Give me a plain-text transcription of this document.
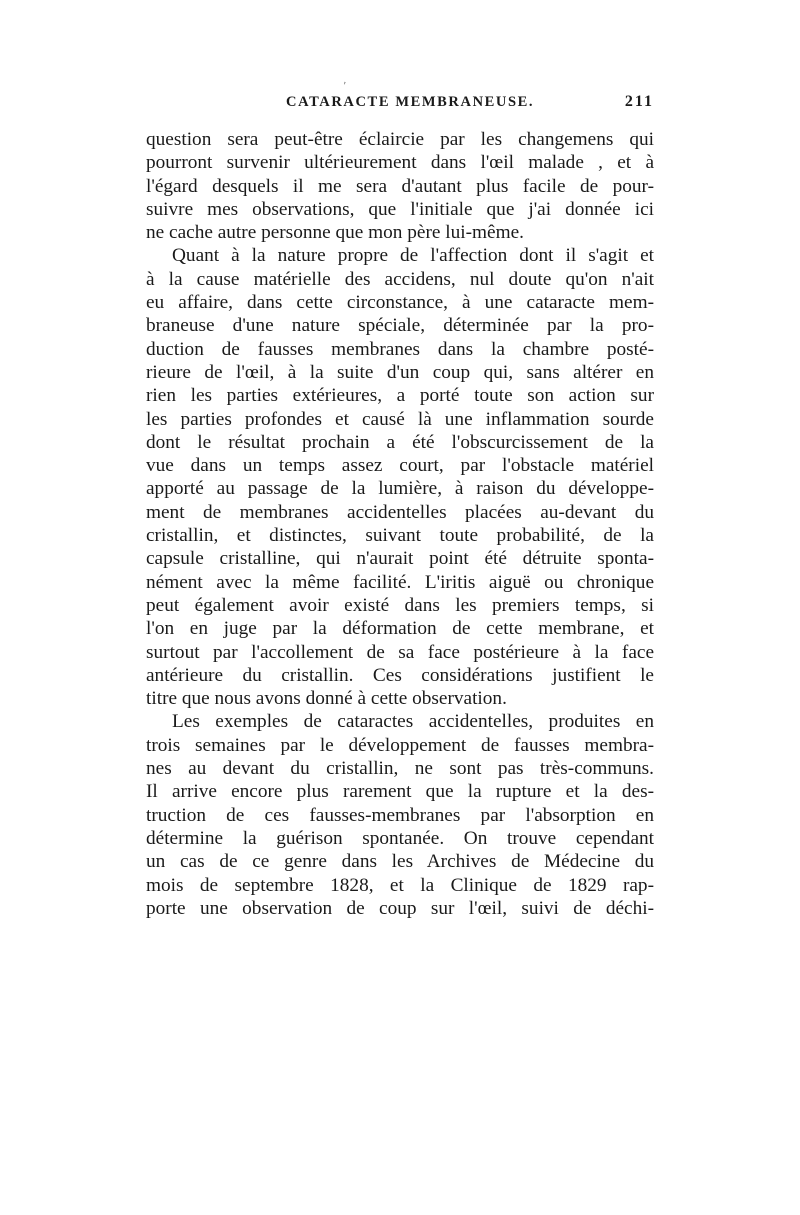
'
CATARACTE MEMBRANEUSE.	211
question sera peut-être éclaircie par les changemens qui
pourront survenir ultérieurement dans l'œil malade , et à
l'égard desquels il me sera d'autant plus facile de pour-
suivre mes observations, que l'initiale que j'ai donnée ici
ne cache autre personne que mon père lui-même.
Quant à la nature propre de l'affection dont il s'agit et
à la cause matérielle des accidens, nul doute qu'on n'ait
eu affaire, dans cette circonstance, à une cataracte mem-
braneuse d'une nature spéciale, déterminée par la pro-
duction de fausses membranes dans la chambre posté-
rieure de l'œil, à la suite d'un coup qui, sans altérer en
rien les parties extérieures, a porté toute son action sur
les parties profondes et causé là une inflammation sourde
dont le résultat prochain a été l'obscurcissement de la
vue dans un temps assez court, par l'obstacle matériel
apporté au passage de la lumière, à raison du développe-
ment de membranes accidentelles placées au-devant du
cristallin, et distinctes, suivant toute probabilité, de la
capsule cristalline, qui n'aurait point été détruite sponta-
nément avec la même facilité. L'iritis aiguë ou chronique
peut également avoir existé dans les premiers temps, si
l'on en juge par la déformation de cette membrane, et
surtout par l'accollement de sa face postérieure à la face
antérieure du cristallin. Ces considérations justifient le
titre que nous avons donné à cette observation.
Les exemples de cataractes accidentelles, produites en
trois semaines par le développement de fausses membra-
nes au devant du cristallin, ne sont pas très-communs.
Il arrive encore plus rarement que la rupture et la des-
truction de ces fausses-membranes par l'absorption en
détermine la guérison spontanée. On trouve cependant
un cas de ce genre dans les Archives de Médecine du
mois de septembre 1828, et la Clinique de 1829 rap-
porte une observation de coup sur l'œil, suivi de déchi-
